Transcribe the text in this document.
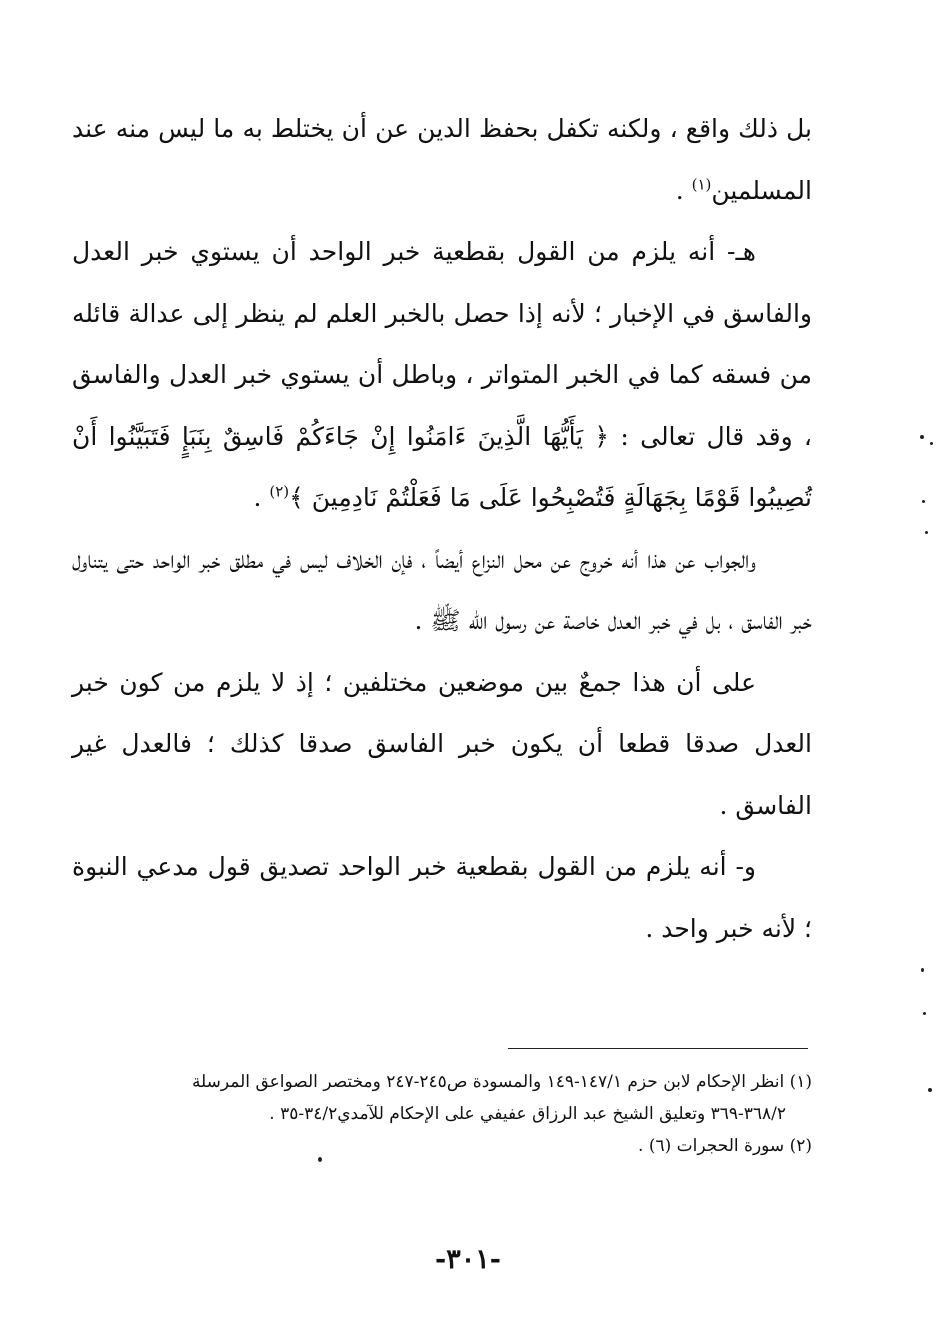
بل ذلك واقع ، ولكنه تكفل بحفظ الدين عن أن يختلط به ما ليس منه عند المسلمين$^{(١)}$ .

هـ- أنه يلزم من القول بقطعية خبر الواحد أن يستوي خبر العدل والفاسق في الإخبار ؛ لأنه إذا حصل بالخبر العلم لم ينظر إلى عدالة قائله من فسقه كما في الخبر المتواتر ، وباطل أن يستوي خبر العدل والفاسق ، وقد قال تعالى : ﴿ يَأَيُّهَا الَّذِينَ ءَامَنُوا إِنْ جَاءَكُمْ فَاسِقٌ بِنَبَإٍ فَتَبَيَّنُوا أَنْ تُصِيبُوا قَوْمًا بِجَهَالَةٍ فَتُصْبِحُوا عَلَى مَا فَعَلْتُمْ نَادِمِينَ ﴾$^{(٢)}$ .

والجواب عن هذا أنه خروج عن محل النزاع أيضاً ، فإن الخلاف ليس في مطلق خبر الواحد حتى يتناول خبر الفاسق ، بل في خبر العدل خاصة عن رسول الله ﷺ .

على أن هذا جمعٌ بين موضعين مختلفين ؛ إذ لا يلزم من كون خبر العدل صدقا قطعا أن يكون خبر الفاسق صدقا كذلك ؛ فالعدل غير الفاسق .

و- أنه يلزم من القول بقطعية خبر الواحد تصديق قول مدعي النبوة ؛ لأنه خبر واحد .

(١) انظر الإحكام لابن حزم ١٤٧/١-١٤٩ والمسودة ص٢٤٥-٢٤٧ ومختصر الصواعق المرسلة

٣٦٨/٢-٣٦٩ وتعليق الشيخ عبد الرزاق عفيفي على الإحكام للآمدي٣٤/٢-٣٥ .

(٢) سورة الحجرات (٦) .

-٣٠١-
